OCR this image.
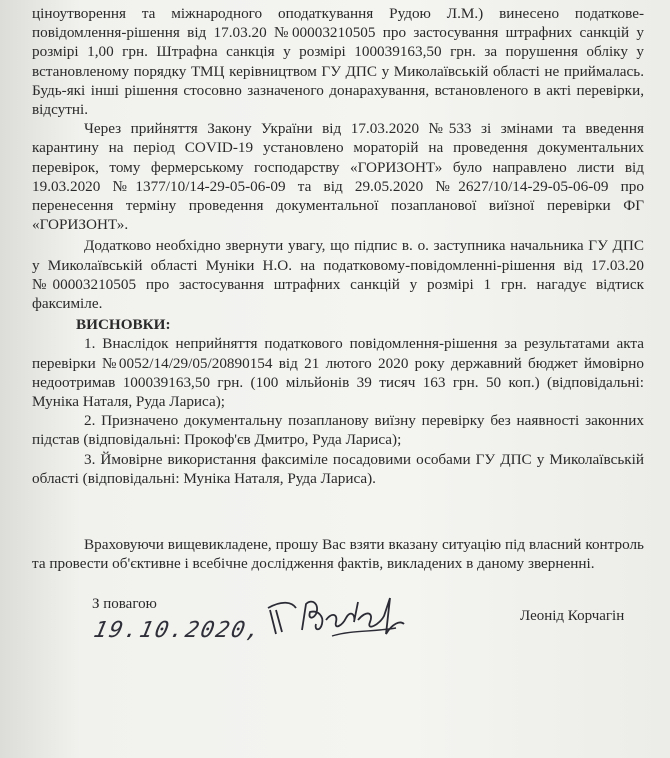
ціноутворення та міжнародного оподаткування Рудою Л.М.) винесено податкове-повідомлення-рішення від 17.03.20 №00003210505 про застосування штрафних санкцій у розмірі 1,00 грн. Штрафна санкція у розмірі 100039163,50 грн. за порушення обліку у встановленому порядку ТМЦ керівництвом ГУ ДПС у Миколаївській області не приймалась. Будь-які інші рішення стосовно зазначеного донарахування, встановленого в акті перевірки, відсутні.

Через прийняття Закону України від 17.03.2020 №533 зі змінами та введення карантину на період COVID-19 установлено мораторій на проведення документальних перевірок, тому фермерському господарству «ГОРИЗОНТ» було направлено листи від 19.03.2020 №1377/10/14-29-05-06-09 та від 29.05.2020 №2627/10/14-29-05-06-09 про перенесення терміну проведення документальної позапланової виїзної перевірки ФГ «ГОРИЗОНТ».

Додатково необхідно звернути увагу, що підпис в. о. заступника начальника ГУ ДПС у Миколаївській області Муніки Н.О. на податковому-повідомленні-рішення від 17.03.20 №00003210505 про застосування штрафних санкцій у розмірі 1 грн. нагадує відтиск факсиміле.

ВИСНОВКИ:

1. Внаслідок неприйняття податкового повідомлення-рішення за результатами акта перевірки №0052/14/29/05/20890154 від 21 лютого 2020 року державний бюджет ймовірно недоотримав 100039163,50 грн. (100 мільйонів 39 тисяч 163 грн. 50 коп.) (відповідальні: Муніка Наталя, Руда Лариса);

2. Призначено документальну позапланову виїзну перевірку без наявності законних підстав (відповідальні: Прокоф'єв Дмитро, Руда Лариса);

3. Ймовірне використання факсиміле посадовими особами ГУ ДПС у Миколаївській області (відповідальні: Муніка Наталя, Руда Лариса).

Враховуючи вищевикладене, прошу Вас взяти вказану ситуацію під власний контроль та провести об'єктивне і всебічне дослідження фактів, викладених в даному зверненні.

З повагою
19.10.2020,
Леонід Корчагін
